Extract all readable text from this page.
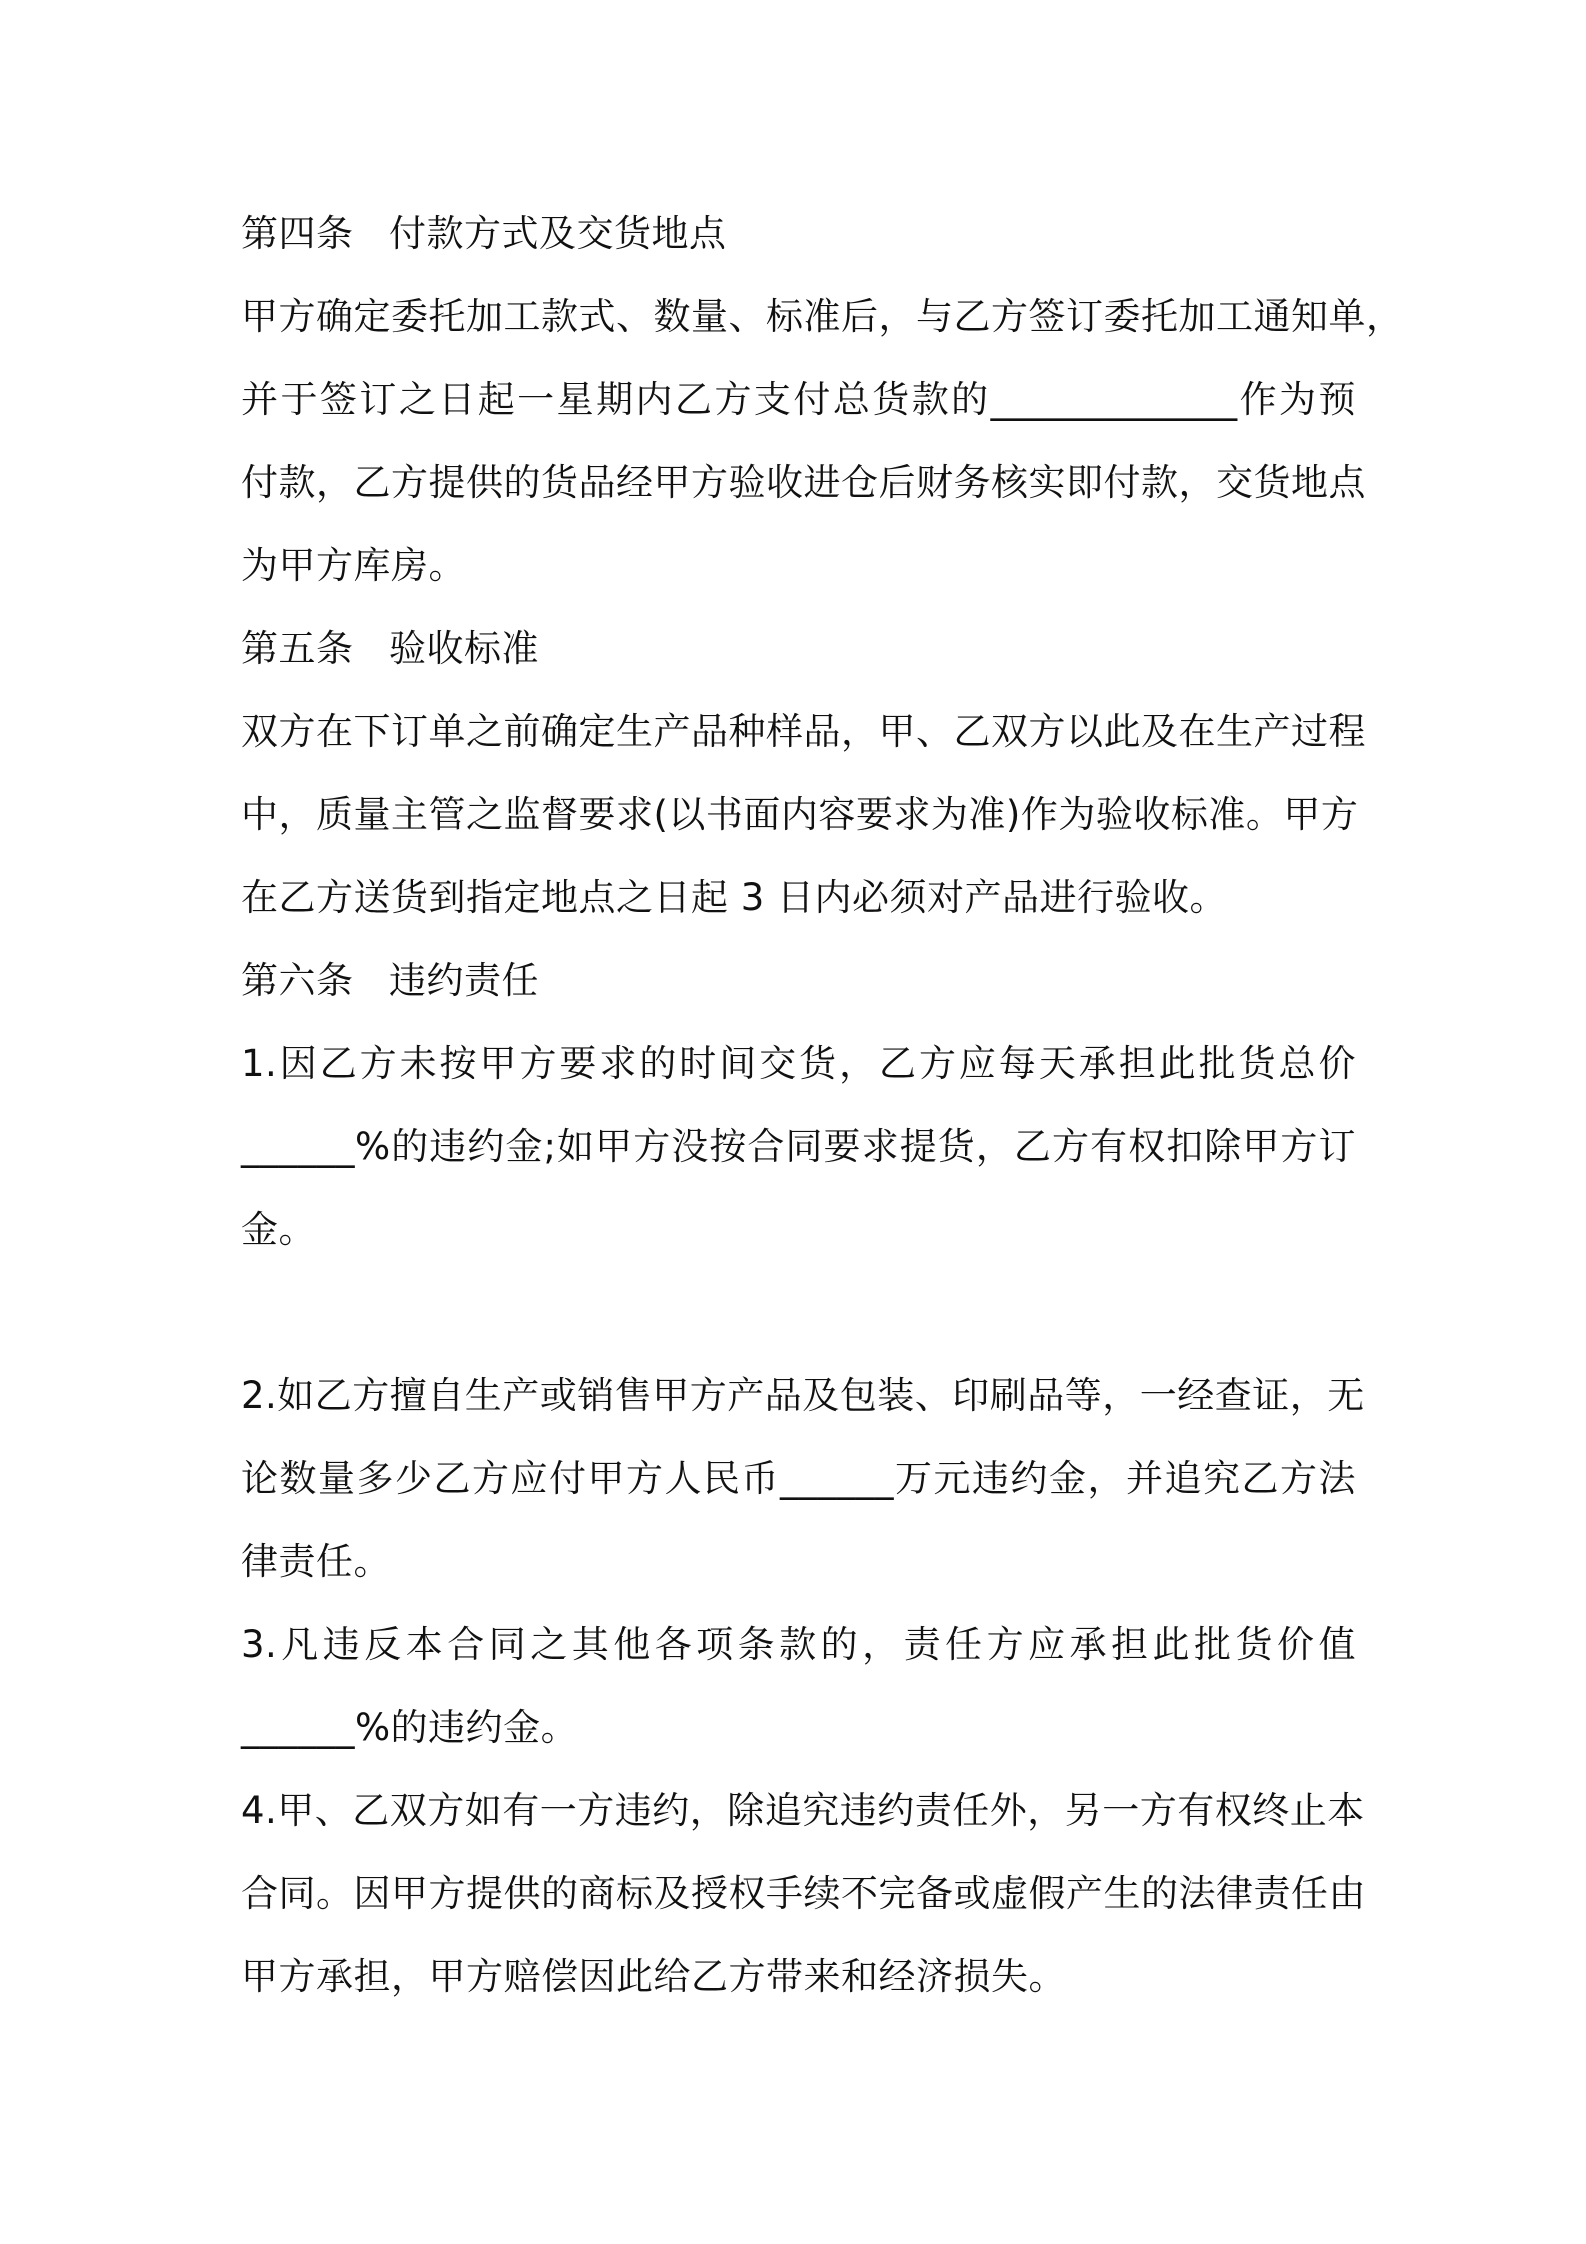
第四条 付款方式及交货地点
甲方确定委托加工款式、数量、标准后，与乙方签订委托加工通知单，
并于签订之日起一星期内乙方支付总货款的_____________作为预
付款，乙方提供的货品经甲方验收进仓后财务核实即付款，交货地点
为甲方库房。
第五条 验收标准
双方在下订单之前确定生产品种样品，甲、乙双方以此及在生产过程
中，质量主管之监督要求(以书面内容要求为准)作为验收标准。甲方
在乙方送货到指定地点之日起 3 日内必须对产品进行验收。
第六条 违约责任
1.因乙方未按甲方要求的时间交货，乙方应每天承担此批货总价
______%的违约金;如甲方没按合同要求提货，乙方有权扣除甲方订
金。
2.如乙方擅自生产或销售甲方产品及包装、印刷品等，一经查证，无
论数量多少乙方应付甲方人民币______万元违约金，并追究乙方法
律责任。
3.凡违反本合同之其他各项条款的，责任方应承担此批货价值
______%的违约金。
4.甲、乙双方如有一方违约，除追究违约责任外，另一方有权终止本
合同。因甲方提供的商标及授权手续不完备或虚假产生的法律责任由
甲方承担，甲方赔偿因此给乙方带来和经济损失。
